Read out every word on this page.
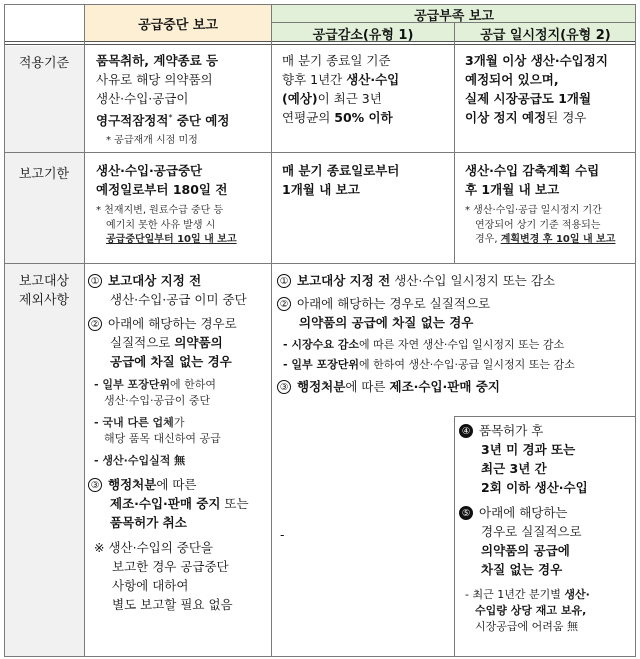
공급중단 보고
공급부족 보고
공급감소(유형 1)	공급 일시정지(유형 2)
적용기준
보고기한
보고대상
제외사항
품목취하, 계약종료 등
사유로 해당 의약품의
생산·수입·공급이
영구적잠정적* 중단 예정
* 공급재개 시점 미정
매 분기 종료일 기준
향후 1년간 생산·수입
(예상)이 최근 3년
연평균의 50% 이하
3개월 이상 생산·수입정지
예정되어 있으며,
실제 시장공급도 1개월
이상 정지 예정된 경우
생산·수입·공급중단
예정일로부터 180일 전
* 천재지변, 원료수급 중단 등
예기치 못한 사유 발생 시
공급중단일부터 10일 내 보고
매 분기 종료일로부터
1개월 내 보고
생산·수입 감축계획 수립
후 1개월 내 보고
* 생산·수입·공급 일시정지 기간
연장되어 상기 기준 적용되는
경우, 계획변경 후 10일 내 보고
① 보고대상 지정 전
생산·수입·공급 이미 중단
② 아래에 해당하는 경우로
실질적으로 의약품의
공급에 차질 없는 경우
- 일부 포장단위에 한하여
생산·수입·공급이 중단
- 국내 다른 업체가
해당 품목 대신하여 공급
- 생산·수입실적 無
③ 행정처분에 따른
제조·수입·판매 중지 또는
품목허가 취소
※ 생산·수입의 중단을
보고한 경우 공급중단
사항에 대하여
별도 보고할 필요 없음
① 보고대상 지정 전 생산·수입 일시정지 또는 감소
② 아래에 해당하는 경우로 실질적으로
의약품의 공급에 차질 없는 경우
- 시장수요 감소에 따른 자연 생산·수입 일시정지 또는 감소
- 일부 포장단위에 한하여 생산·수입·공급 일시정지 또는 감소
③ 행정처분에 따른 제조·수입·판매 중지
-
④ 품목허가 후
3년 미 경과 또는
최근 3년 간
2회 이하 생산·수입
⑤ 아래에 해당하는
경우로 실질적으로
의약품의 공급에
차질 없는 경우
- 최근 1년간 분기별 생산·
수입량 상당 재고 보유,
시장공급에 어려움 無
